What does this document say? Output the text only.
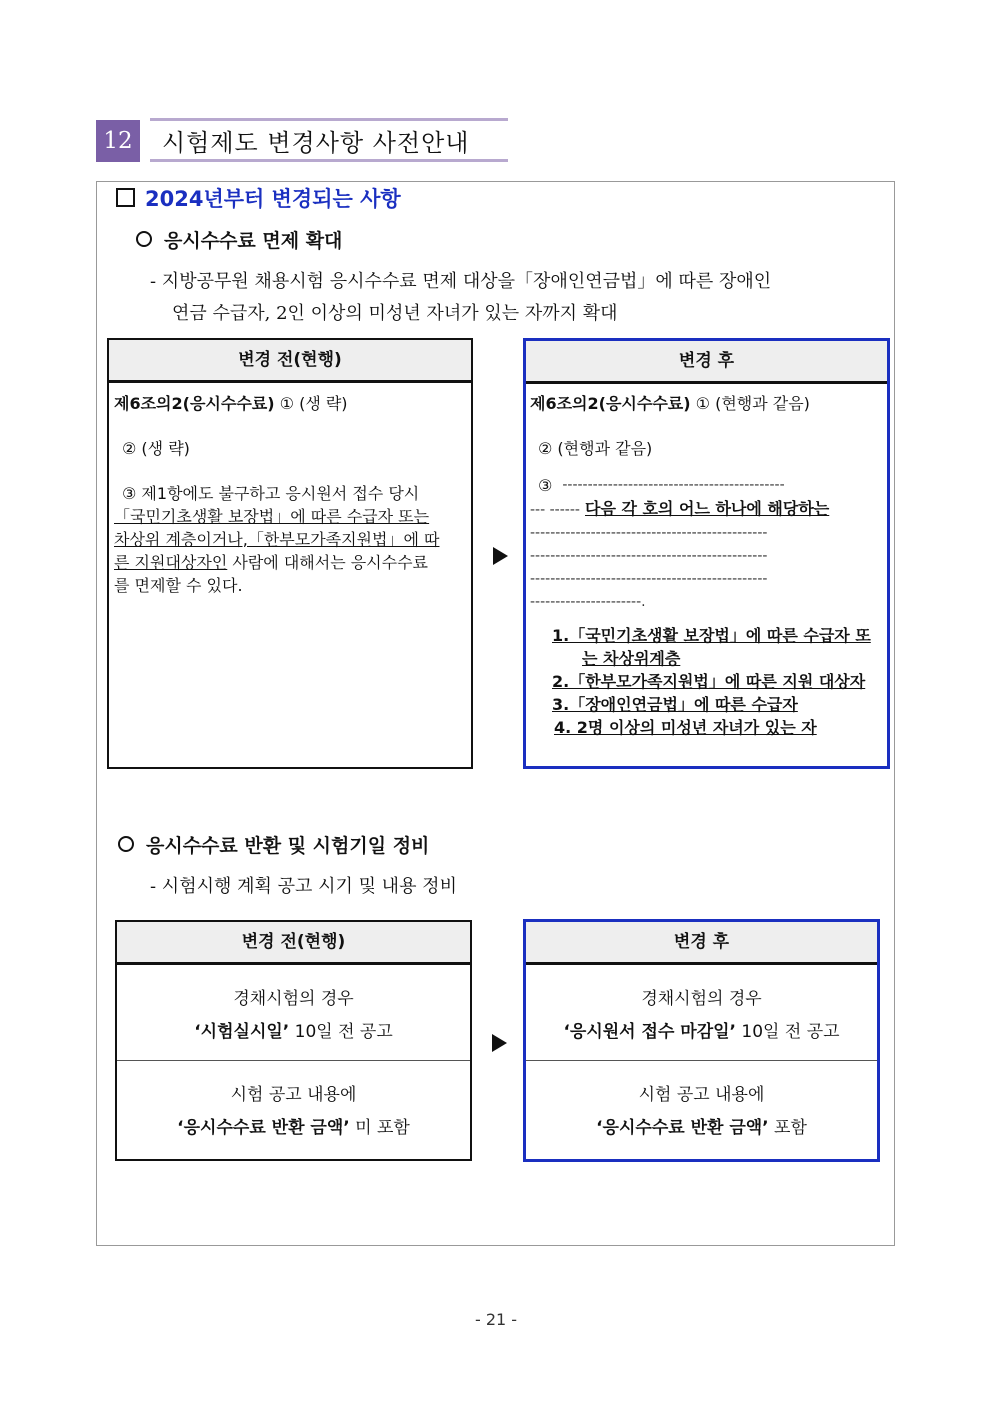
12	시험제도 변경사항 사전안내
2024년부터 변경되는 사항
응시수수료 면제 확대
- 지방공무원 채용시험 응시수수료 면제 대상을「장애인연금법」에 따른 장애인
연금 수급자, 2인 이상의 미성년 자녀가 있는 자까지 확대
변경 전(현행)
제6조의2(응시수수료) ① (생 략)
② (생 략)
③ 제1항에도 불구하고 응시원서 접수 당시
「국민기초생활 보장법」에 따른 수급자 또는
차상위 계층이거나,「한부모가족지원법」에 따
른 지원대상자인 사람에 대해서는 응시수수료
를 면제할 수 있다.
변경 후
제6조의2(응시수수료) ① (현행과 같음)
② (현행과 같음)
③ --------------------------------------------
--- ------ 다음 각 호의 어느 하나에 해당하는
-----------------------------------------------
-----------------------------------------------
-----------------------------------------------
----------------------.
1.「국민기초생활 보장법」에 따른 수급자 또
는 차상위계층
2.「한부모가족지원법」에 따른 지원 대상자
3.「장애인연금법」에 따른 수급자
4. 2명 이상의 미성년 자녀가 있는 자
응시수수료 반환 및 시험기일 정비
- 시험시행 계획 공고 시기 및 내용 정비
변경 전(현행)
경채시험의 경우
‘시험실시일’ 10일 전 공고
시험 공고 내용에
‘응시수수료 반환 금액’ 미 포함
변경 후
경채시험의 경우
‘응시원서 접수 마감일’ 10일 전 공고
시험 공고 내용에
‘응시수수료 반환 금액’ 포함
- 21 -
